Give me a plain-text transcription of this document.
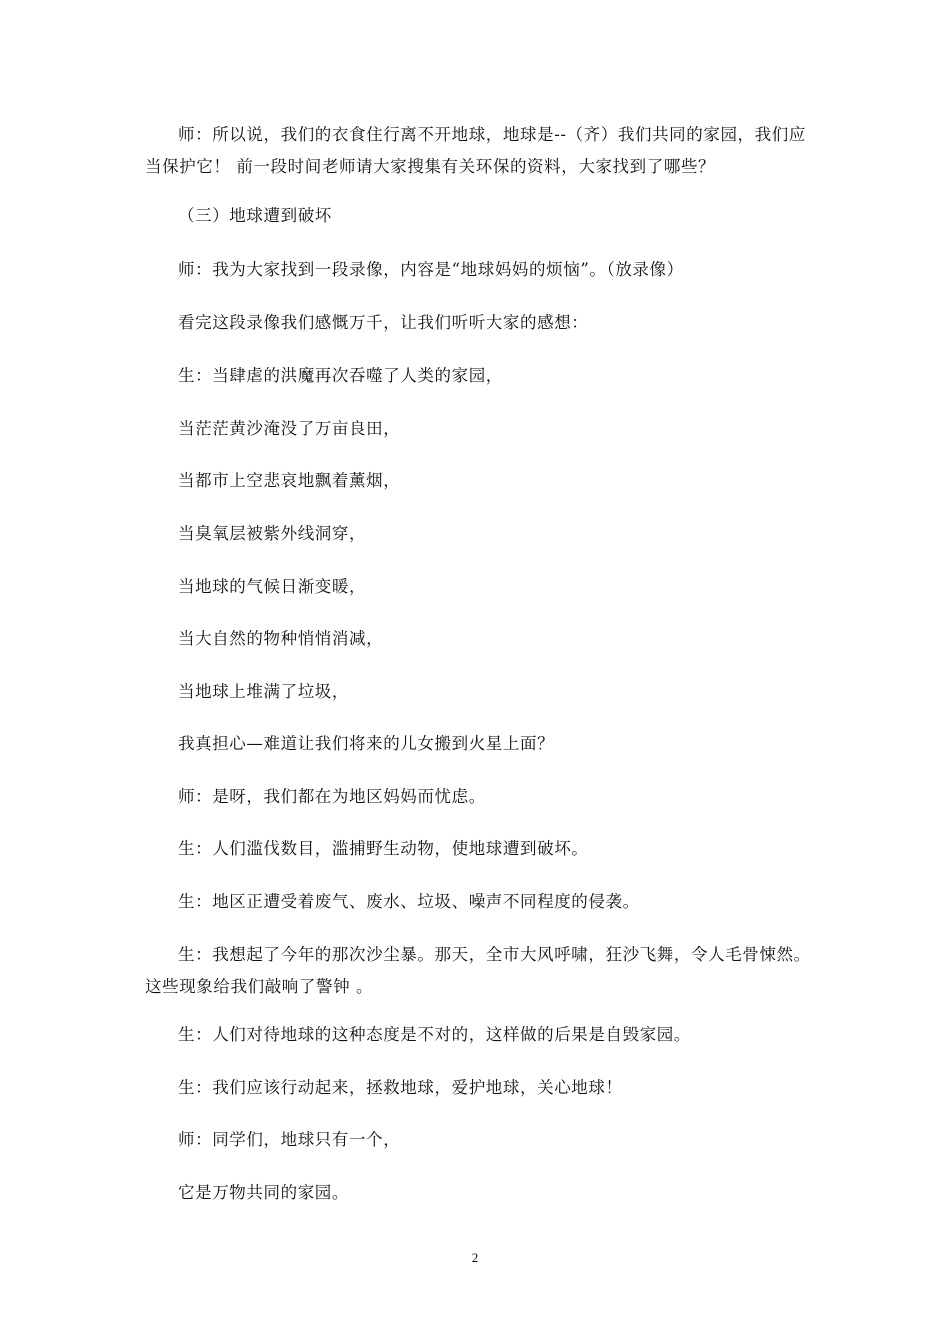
师：所以说，我们的衣食住行离不开地球，地球是--（齐）我们共同的家园，我们应当保护它！ 前一段时间老师请大家搜集有关环保的资料，大家找到了哪些？

（三）地球遭到破坏

师：我为大家找到一段录像，内容是“地球妈妈的烦恼”。（放录像）

看完这段录像我们感慨万千，让我们听听大家的感想：

生：当肆虐的洪魔再次吞噬了人类的家园，

当茫茫黄沙淹没了万亩良田，

当都市上空悲哀地飘着薰烟，

当臭氧层被紫外线洞穿，

当地球的气候日渐变暖，

当大自然的物种悄悄消减，

当地球上堆满了垃圾，

我真担心—难道让我们将来的儿女搬到火星上面？

师：是呀，我们都在为地区妈妈而忧虑。

生：人们滥伐数目，滥捕野生动物，使地球遭到破坏。

生：地区正遭受着废气、废水、垃圾、噪声不同程度的侵袭。

生：我想起了今年的那次沙尘暴。那天，全市大风呼啸，狂沙飞舞，令人毛骨悚然。这些现象给我们敲响了警钟 。

生：人们对待地球的这种态度是不对的，这样做的后果是自毁家园。

生：我们应该行动起来，拯救地球，爱护地球，关心地球！

师：同学们，地球只有一个，

它是万物共同的家园。

2
